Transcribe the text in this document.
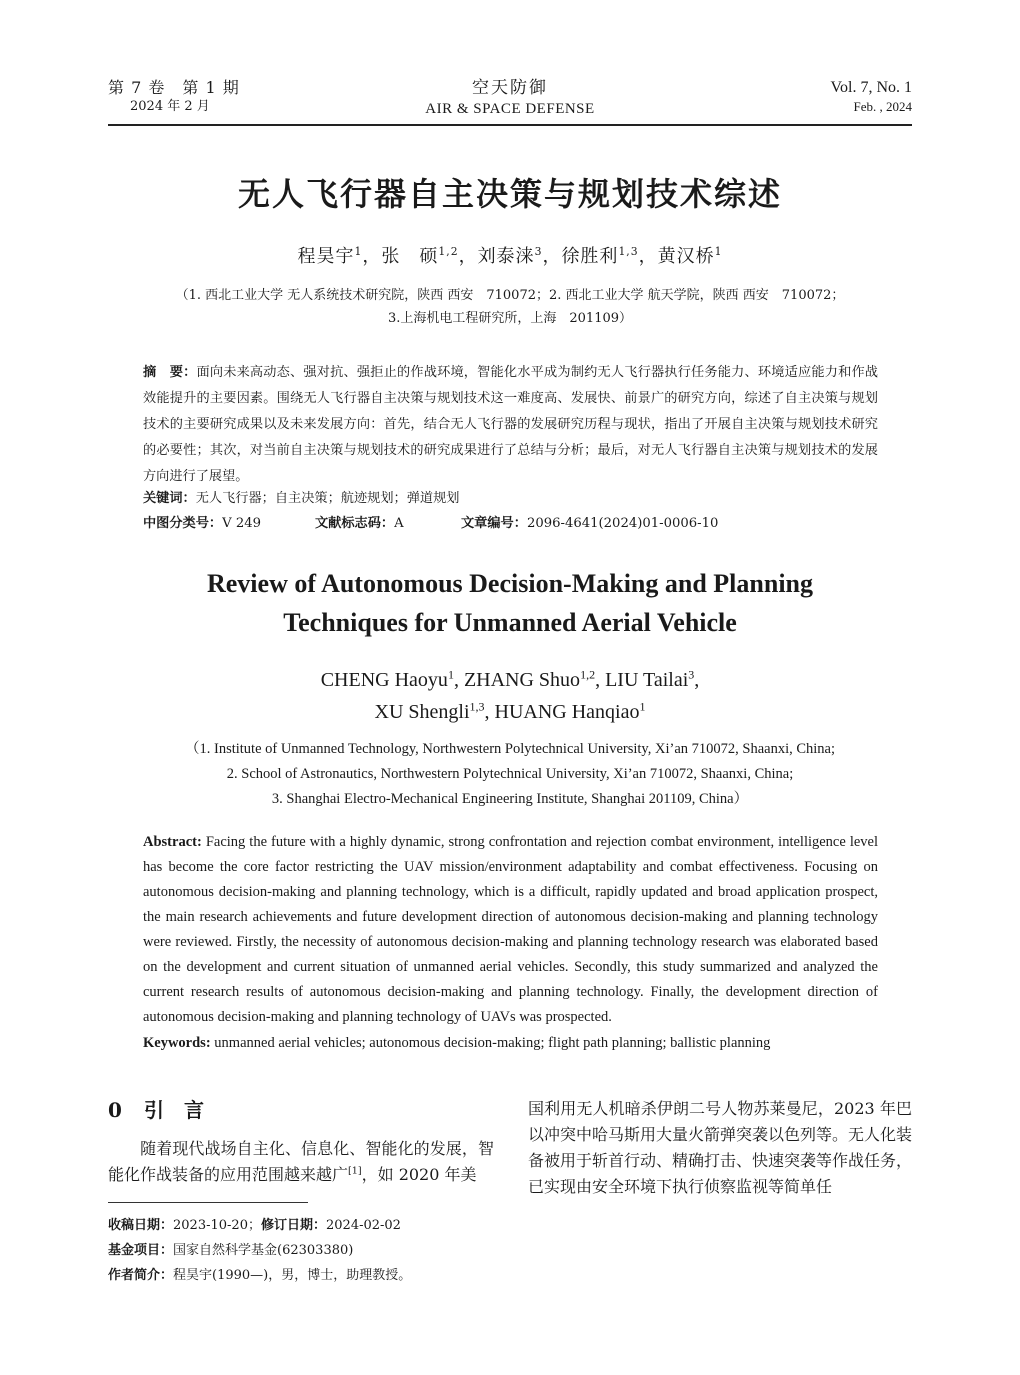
第 7 卷　第 1 期
2024 年 2 月
空天防御
AIR & SPACE DEFENSE
Vol. 7, No. 1
Feb. , 2024
无人飞行器自主决策与规划技术综述
程昊宇$^1$，张　硕$^{1,2}$，刘泰涞$^3$，徐胜利$^{1,3}$，黄汉桥$^1$
（1. 西北工业大学 无人系统技术研究院，陕西 西安　710072；2. 西北工业大学 航天学院，陕西 西安　710072；
3.上海机电工程研究所，上海　201109）
摘　要：面向未来高动态、强对抗、强拒止的作战环境，智能化水平成为制约无人飞行器执行任务能力、环境适应能力和作战效能提升的主要因素。围绕无人飞行器自主决策与规划技术这一难度高、发展快、前景广的研究方向，综述了自主决策与规划技术的主要研究成果以及未来发展方向：首先，结合无人飞行器的发展研究历程与现状，指出了开展自主决策与规划技术研究的必要性；其次，对当前自主决策与规划技术的研究成果进行了总结与分析；最后，对无人飞行器自主决策与规划技术的发展方向进行了展望。
关键词：无人飞行器；自主决策；航迹规划；弹道规划
中图分类号：V 249	文献标志码：A	文章编号：2096-4641(2024)01-0006-10
Review of Autonomous Decision-Making and Planning
Techniques for Unmanned Aerial Vehicle
CHENG Haoyu$^1$, ZHANG Shuo$^{1,2}$, LIU Tailai$^3$,
XU Shengli$^{1,3}$, HUANG Hanqiao$^1$
（1. Institute of Unmanned Technology, Northwestern Polytechnical University, Xi’an 710072, Shaanxi, China;
2. School of Astronautics, Northwestern Polytechnical University, Xi’an 710072, Shaanxi, China;
3. Shanghai Electro-Mechanical Engineering Institute, Shanghai 201109, China）
Abstract: Facing the future with a highly dynamic, strong confrontation and rejection combat environment, intelligence level has become the core factor restricting the UAV mission/environment adaptability and combat effectiveness. Focusing on autonomous decision-making and planning technology, which is a difficult, rapidly updated and broad application prospect, the main research achievements and future development direction of autonomous decision-making and planning technology were reviewed. Firstly, the necessity of autonomous decision-making and planning technology research was elaborated based on the development and current situation of unmanned aerial vehicles. Secondly, this study summarized and analyzed the current research results of autonomous decision-making and planning technology. Finally, the development direction of autonomous decision-making and planning technology of UAVs was prospected.
Keywords: unmanned aerial vehicles; autonomous decision-making; flight path planning; ballistic planning
0 引 言
　　随着现代战场自主化、信息化、智能化的发展，智能化作战装备的应用范围越来越广[1]，如 2020 年美
国利用无人机暗杀伊朗二号人物苏莱曼尼，2023 年巴以冲突中哈马斯用大量火箭弹突袭以色列等。无人化装备被用于斩首行动、精确打击、快速突袭等作战任务，已实现由安全环境下执行侦察监视等简单任
收稿日期：2023-10-20；修订日期：2024-02-02
基金项目：国家自然科学基金(62303380)
作者简介：程昊宇(1990—)，男，博士，助理教授。
